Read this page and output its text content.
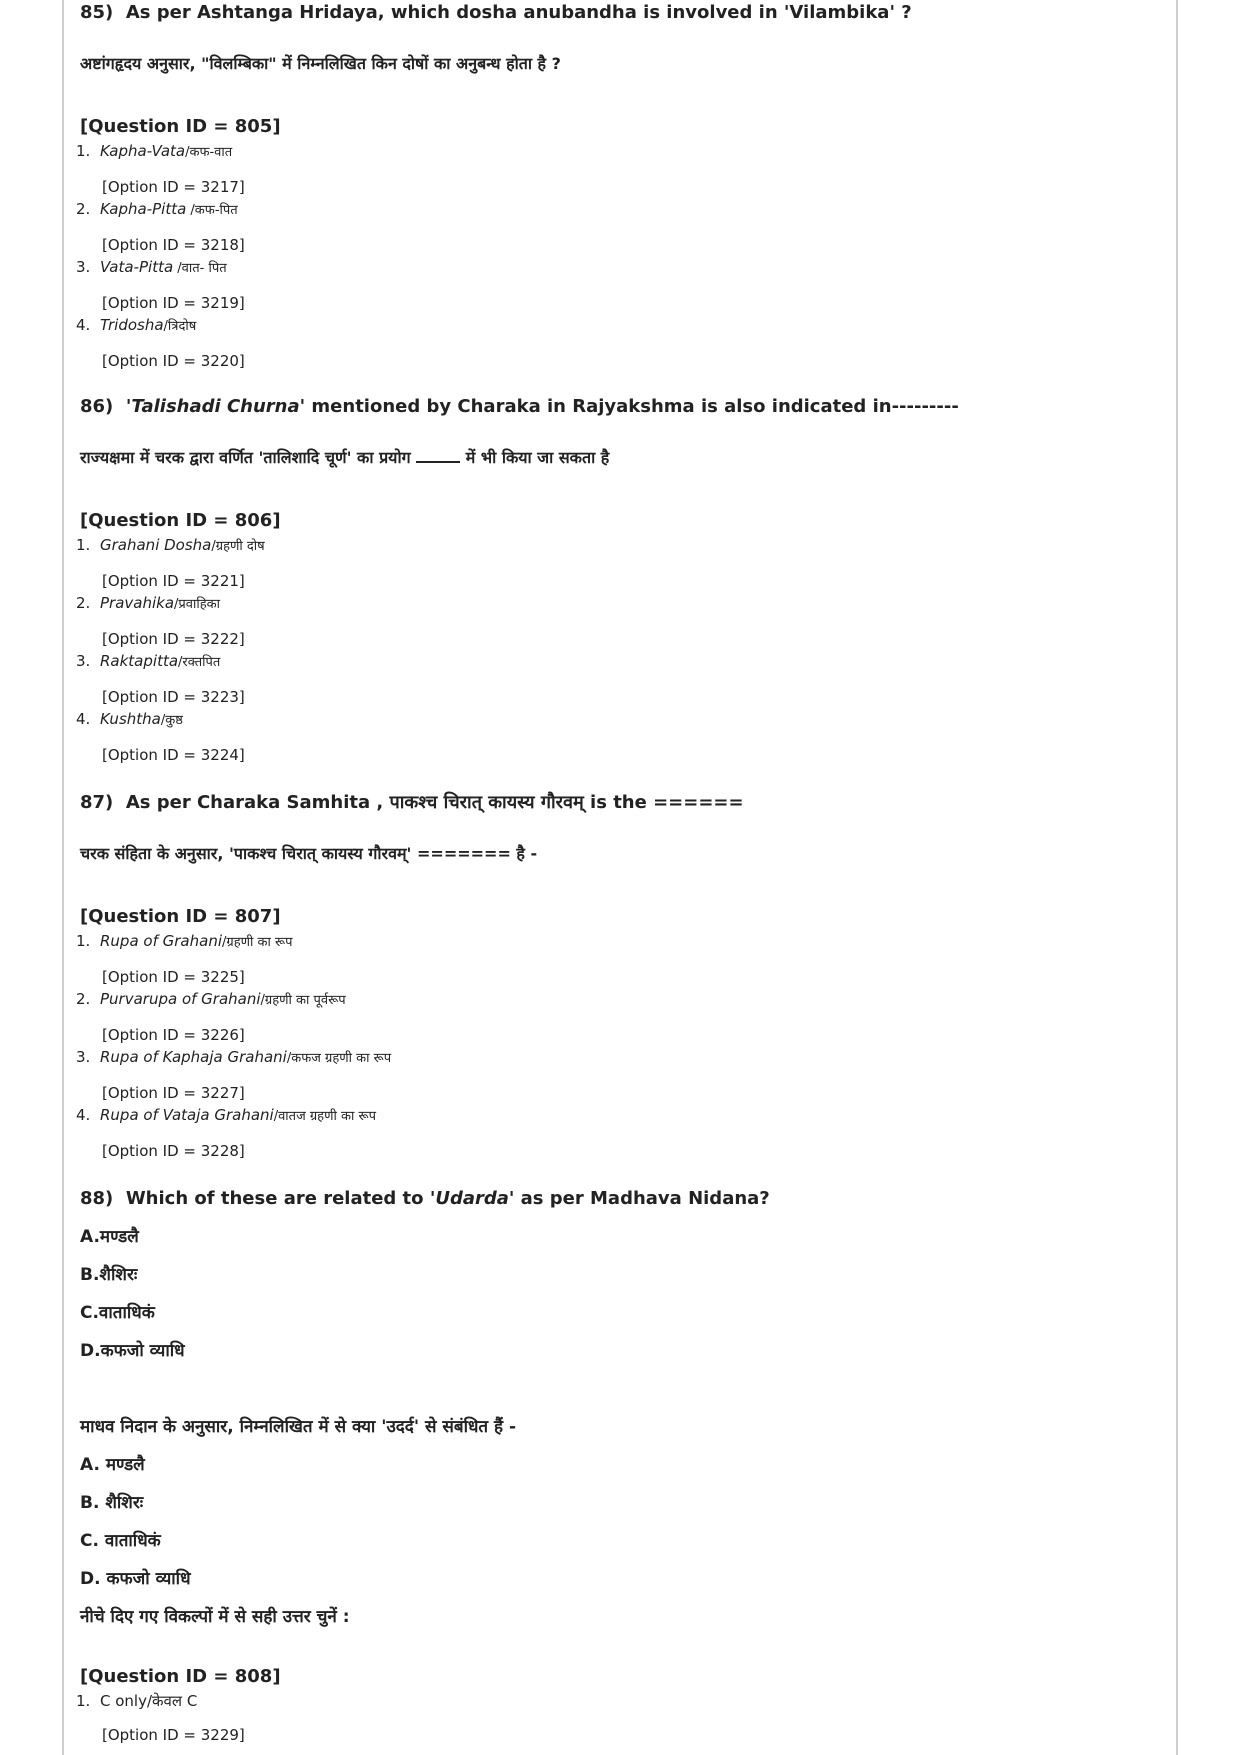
85) As per Ashtanga Hridaya, which dosha anubandha is involved in 'Vilambika' ?

अष्टांगहृदय अनुसार, "विलम्बिका" में निम्नलिखित किन दोषों का अनुबन्ध होता है ?

[Question ID = 805]

1. Kapha-Vata/कफ-वात

[Option ID = 3217]

2. Kapha-Pitta /कफ-पित

[Option ID = 3218]

3. Vata-Pitta /वात- पित

[Option ID = 3219]

4. Tridosha/त्रिदोष

[Option ID = 3220]

86) 'Talishadi Churna' mentioned by Charaka in Rajyakshma is also indicated in---------

राज्यक्षमा में चरक द्वारा वर्णित 'तालिशादि चूर्ण' का प्रयोग	में भी किया जा सकता है

[Question ID = 806]

1. Grahani Dosha/ग्रहणी दोष

[Option ID = 3221]

2. Pravahika/प्रवाहिका

[Option ID = 3222]

3. Raktapitta/रक्तपित

[Option ID = 3223]

4. Kushtha/कुष्ठ

[Option ID = 3224]

87) As per Charaka Samhita , पाकश्च चिरात् कायस्य गौरवम् is the ======

चरक संहिता के अनुसार, 'पाकश्च चिरात् कायस्य गौरवम्' ======= है -

[Question ID = 807]

1. Rupa of Grahani/ग्रहणी का रूप

[Option ID = 3225]

2. Purvarupa of Grahani/ग्रहणी का पूर्वरूप

[Option ID = 3226]

3. Rupa of Kaphaja Grahani/कफज ग्रहणी का रूप

[Option ID = 3227]

4. Rupa of Vataja Grahani/वातज ग्रहणी का रूप

[Option ID = 3228]

88) Which of these are related to 'Udarda' as per Madhava Nidana?

A.मण्डलै

B.शैशिरः

C.वाताधिकं

D.कफजो व्याधि

माधव निदान के अनुसार, निम्नलिखित में से क्या 'उदर्द' से संबंधित हैं -

A. मण्डलै

B. शैशिरः

C. वाताधिकं

D. कफजो व्याधि

नीचे दिए गए विकल्पों में से सही उत्तर चुनें :

[Question ID = 808]

1. C only/केवल C

[Option ID = 3229]
